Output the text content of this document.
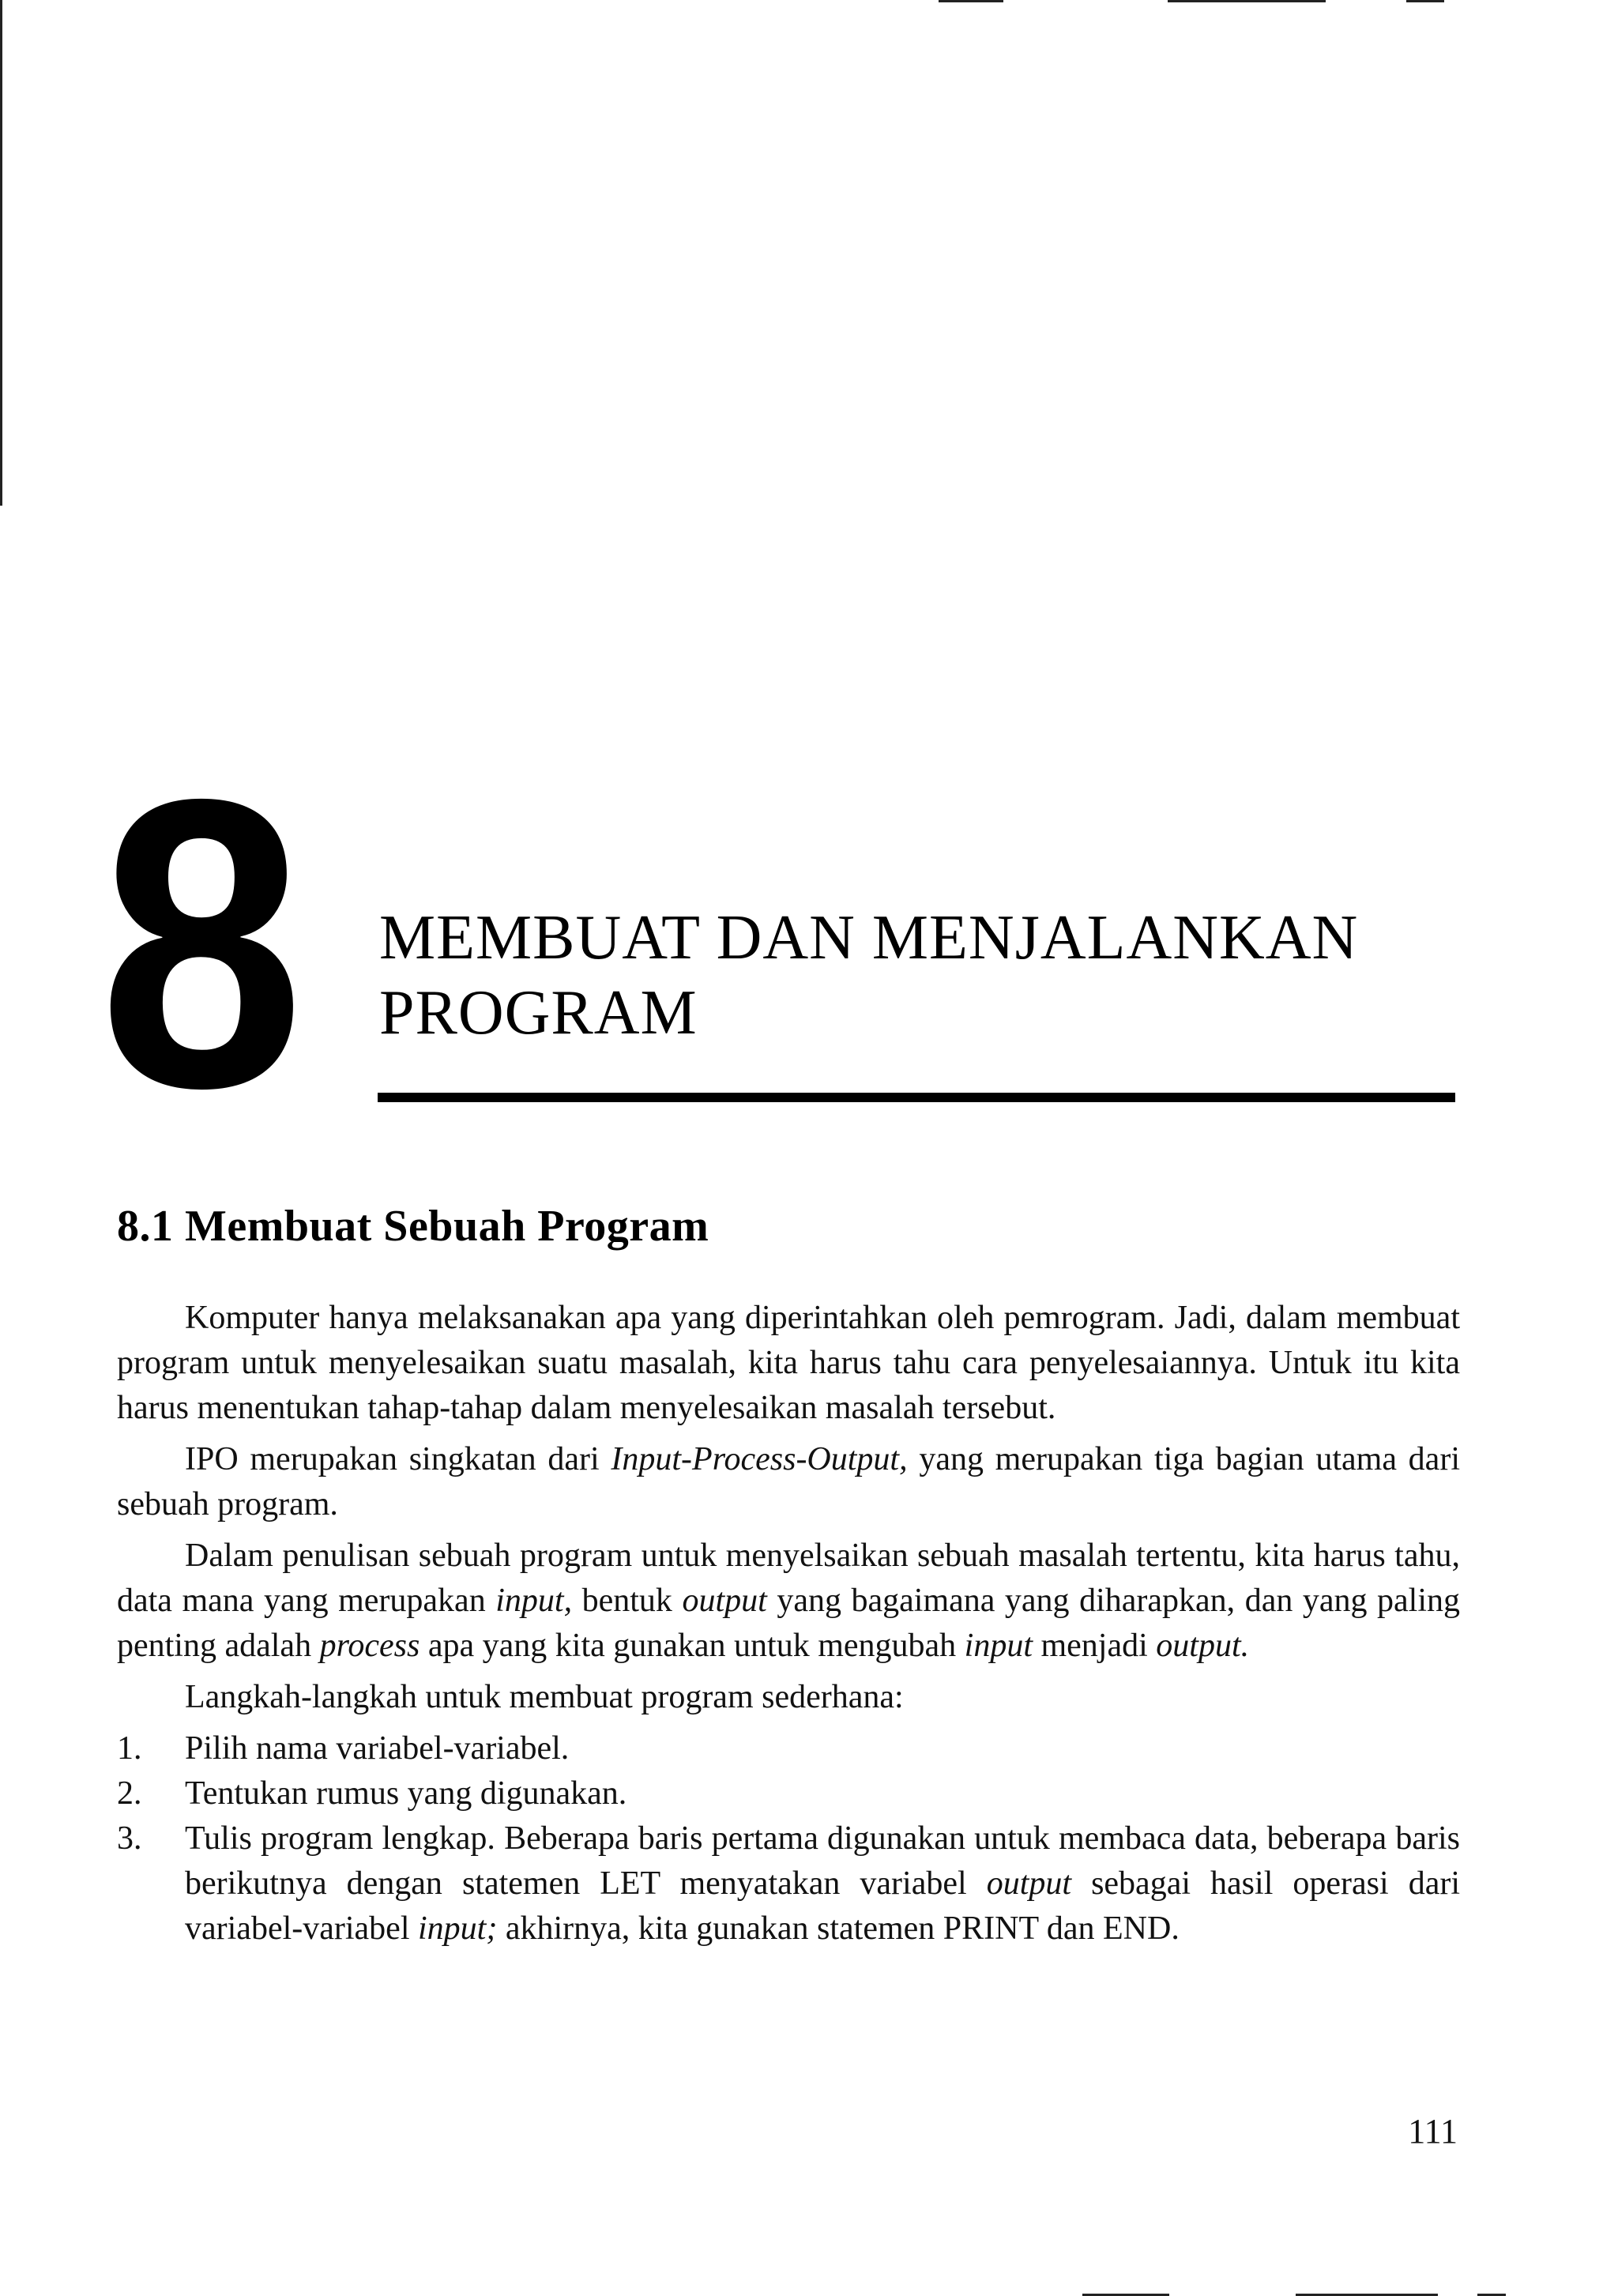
8 MEMBUAT DAN MENJALANKAN
PROGRAM
8.1 Membuat Sebuah Program

Komputer hanya melaksanakan apa yang diperintahkan oleh pemrogram. Jadi, dalam membuat program untuk menyelesaikan suatu masalah, kita harus tahu cara penyelesaiannya. Untuk itu kita harus menentukan tahap-tahap dalam menyelesaikan masalah tersebut.

IPO merupakan singkatan dari Input-Process-Output, yang merupakan tiga bagian utama dari sebuah program.

Dalam penulisan sebuah program untuk menyelsaikan sebuah masalah tertentu, kita harus tahu, data mana yang merupakan input, bentuk output yang bagaimana yang diharapkan, dan yang paling penting adalah process apa yang kita gunakan untuk mengubah input menjadi output.

Langkah-langkah untuk membuat program sederhana:

1. Pilih nama variabel-variabel.
2. Tentukan rumus yang digunakan.
3. Tulis program lengkap. Beberapa baris pertama digunakan untuk membaca data, beberapa baris berikutnya dengan statemen LET menyatakan variabel output sebagai hasil operasi dari variabel-variabel input; akhirnya, kita gunakan statemen PRINT dan END.
111
